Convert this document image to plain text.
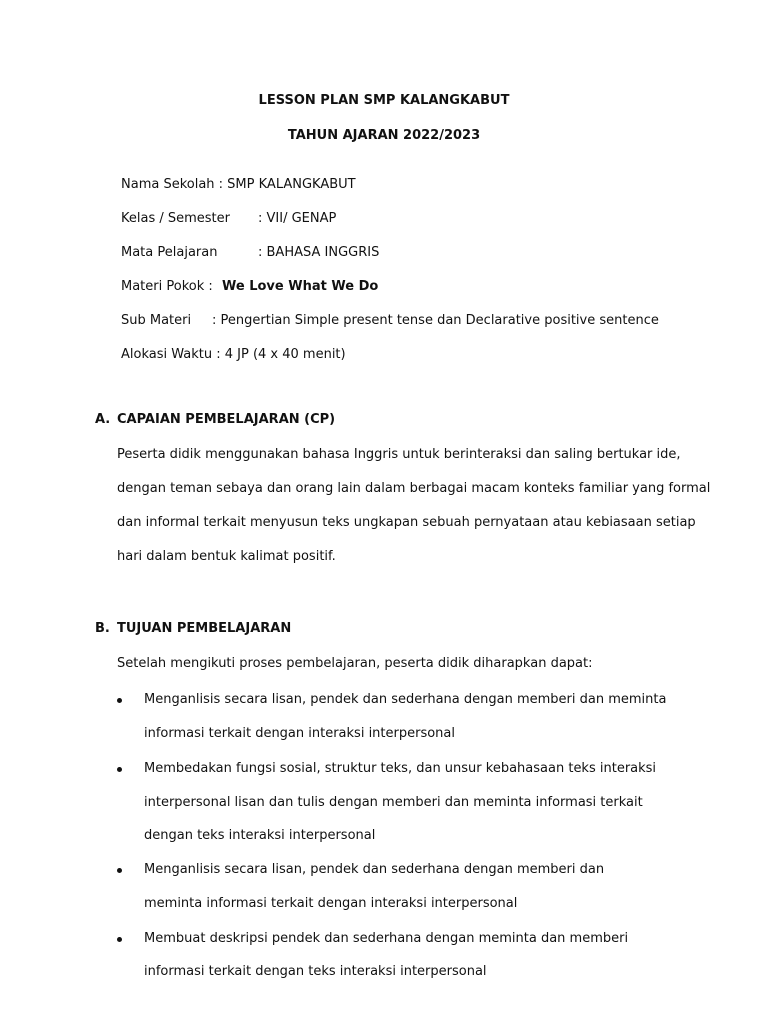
LESSON PLAN SMP KALANGKABUT
TAHUN AJARAN 2022/2023
Nama Sekolah : SMP KALANGKABUT
Kelas / Semester : VII/ GENAP
Mata Pelajaran	: BAHASA INGGRIS
Materi Pokok : We Love What We Do
Sub Materi : Pengertian Simple present tense dan Declarative positive sentence
Alokasi Waktu : 4 JP (4 x 40 menit)
A. CAPAIAN PEMBELAJARAN (CP)
Peserta didik menggunakan bahasa Inggris untuk berinteraksi dan saling bertukar ide,
dengan teman sebaya dan orang lain dalam berbagai macam konteks familiar yang formal
dan informal terkait menyusun teks ungkapan sebuah pernyataan atau kebiasaan setiap
hari dalam bentuk kalimat positif.
B. TUJUAN PEMBELAJARAN
Setelah mengikuti proses pembelajaran, peserta didik diharapkan dapat:
Menganlisis secara lisan, pendek dan sederhana dengan memberi dan meminta
informasi terkait dengan interaksi interpersonal
Membedakan fungsi sosial, struktur teks, dan unsur kebahasaan teks interaksi
interpersonal lisan dan tulis dengan memberi dan meminta informasi terkait
dengan teks interaksi interpersonal
Menganlisis secara lisan, pendek dan sederhana dengan memberi dan
meminta informasi terkait dengan interaksi interpersonal
Membuat deskripsi pendek dan sederhana dengan meminta dan memberi
informasi terkait dengan teks interaksi interpersonal
